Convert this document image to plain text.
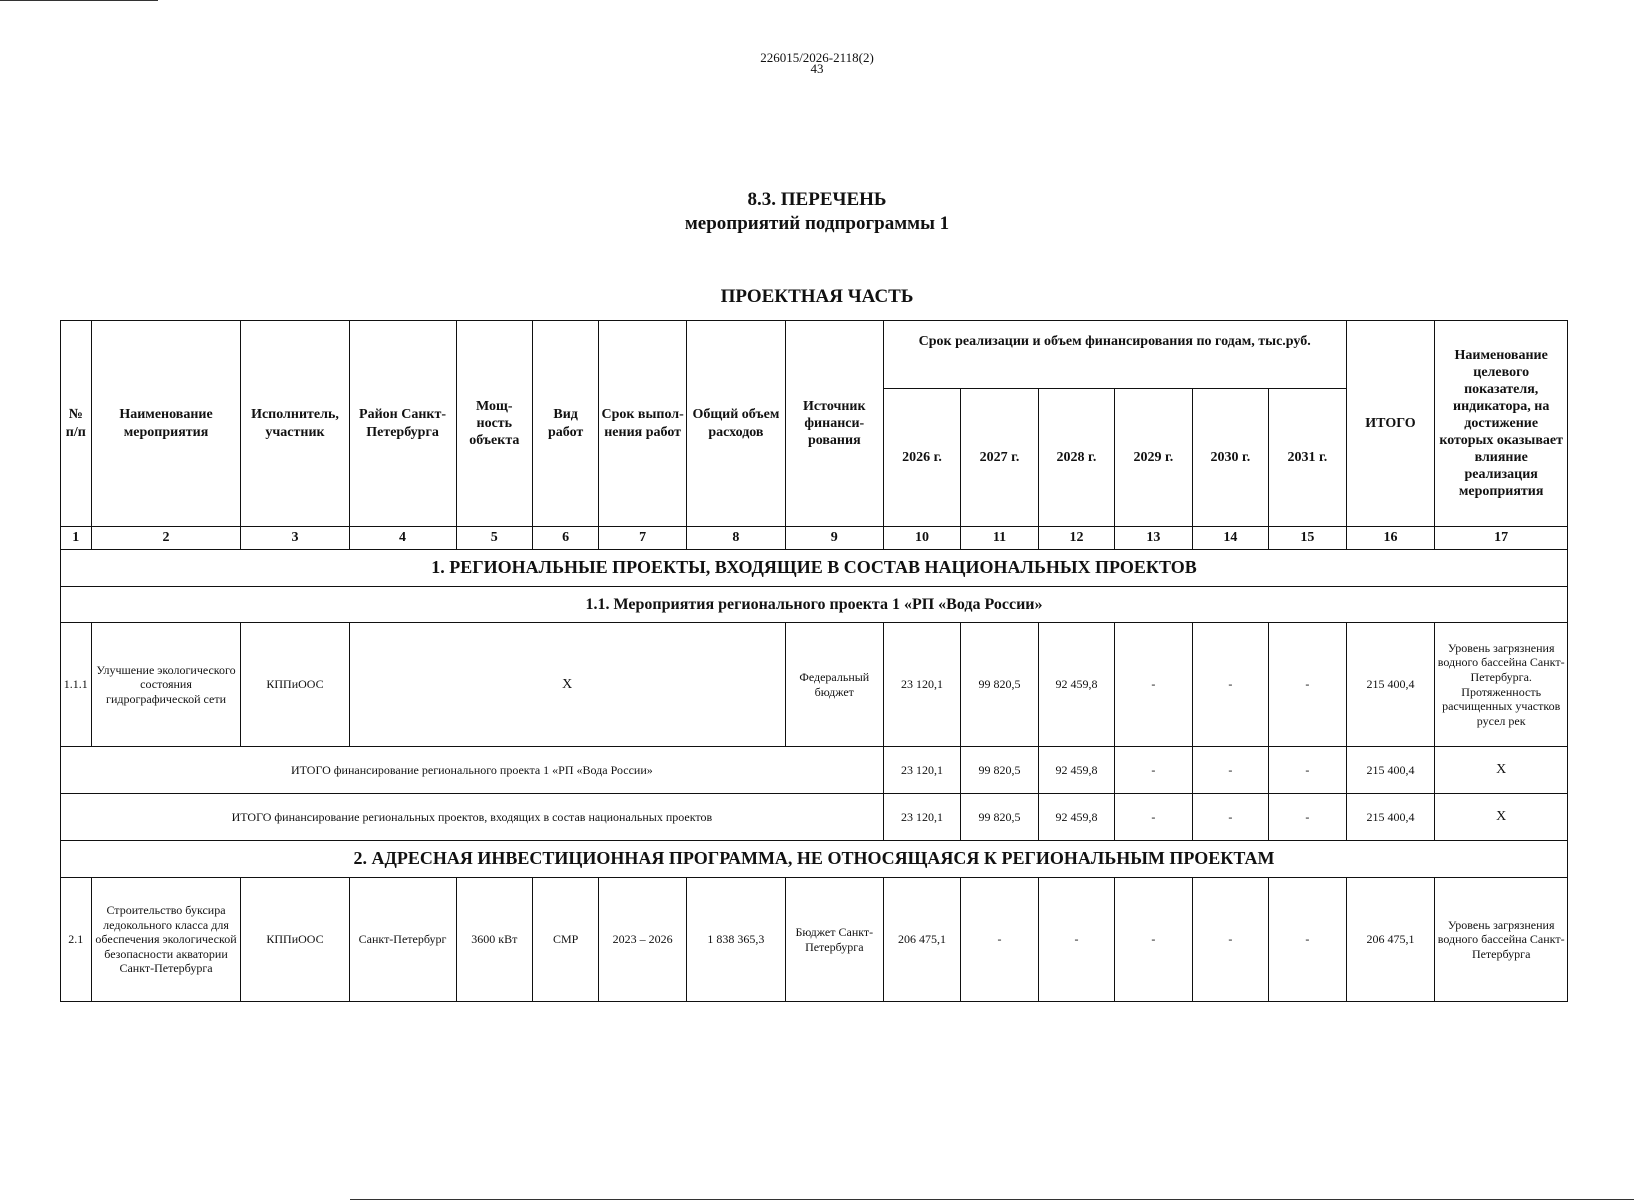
226015/2026-2118(2)
43
8.3. ПЕРЕЧЕНЬ
мероприятий подпрограммы 1
ПРОЕКТНАЯ ЧАСТЬ
№ п/п	Наименование мероприятия	Исполнитель, участник	Район Санкт-Петербурга	Мощ-ность объекта	Вид работ	Срок выпол-нения работ	Общий объем расходов	Источник финанси-рования	Срок реализации и объем финансирования по годам, тыс.руб.						ИТОГО	Наименование целевого показателя, индикатора, на достижение которых оказывает влияние реализация мероприятия
									2026 г.	2027 г.	2028 г.	2029 г.	2030 г.	2031 г.		
1	2	3	4	5	6	7	8	9	10	11	12	13	14	15	16	17
1. РЕГИОНАЛЬНЫЕ ПРОЕКТЫ, ВХОДЯЩИЕ В СОСТАВ НАЦИОНАЛЬНЫХ ПРОЕКТОВ																
1.1. Мероприятия регионального проекта 1 «РП «Вода России»																
1.1.1	Улучшение экологического состояния гидрографической сети	КППиООС	Х					Федеральный бюджет	23 120,1	99 820,5	92 459,8	-	-	-	215 400,4	Уровень загрязнения водного бассейна Санкт-Петербурга. Протяженность расчищенных участков русел рек
ИТОГО финансирование регионального проекта 1 «РП «Вода России»									23 120,1	99 820,5	92 459,8	-	-	-	215 400,4	Х
ИТОГО финансирование региональных проектов, входящих в состав национальных проектов									23 120,1	99 820,5	92 459,8	-	-	-	215 400,4	Х
2. АДРЕСНАЯ ИНВЕСТИЦИОННАЯ ПРОГРАММА, НЕ ОТНОСЯЩАЯСЯ К РЕГИОНАЛЬНЫМ ПРОЕКТАМ																
2.1	Строительство буксира ледокольного класса для обеспечения экологической безопасности акватории Санкт-Петербурга	КППиООС	Санкт-Петербург	3600 кВт	СМР	2023 – 2026	1 838 365,3	Бюджет Санкт-Петербурга	206 475,1	-	-	-	-	-	206 475,1	Уровень загрязнения водного бассейна Санкт-Петербурга
